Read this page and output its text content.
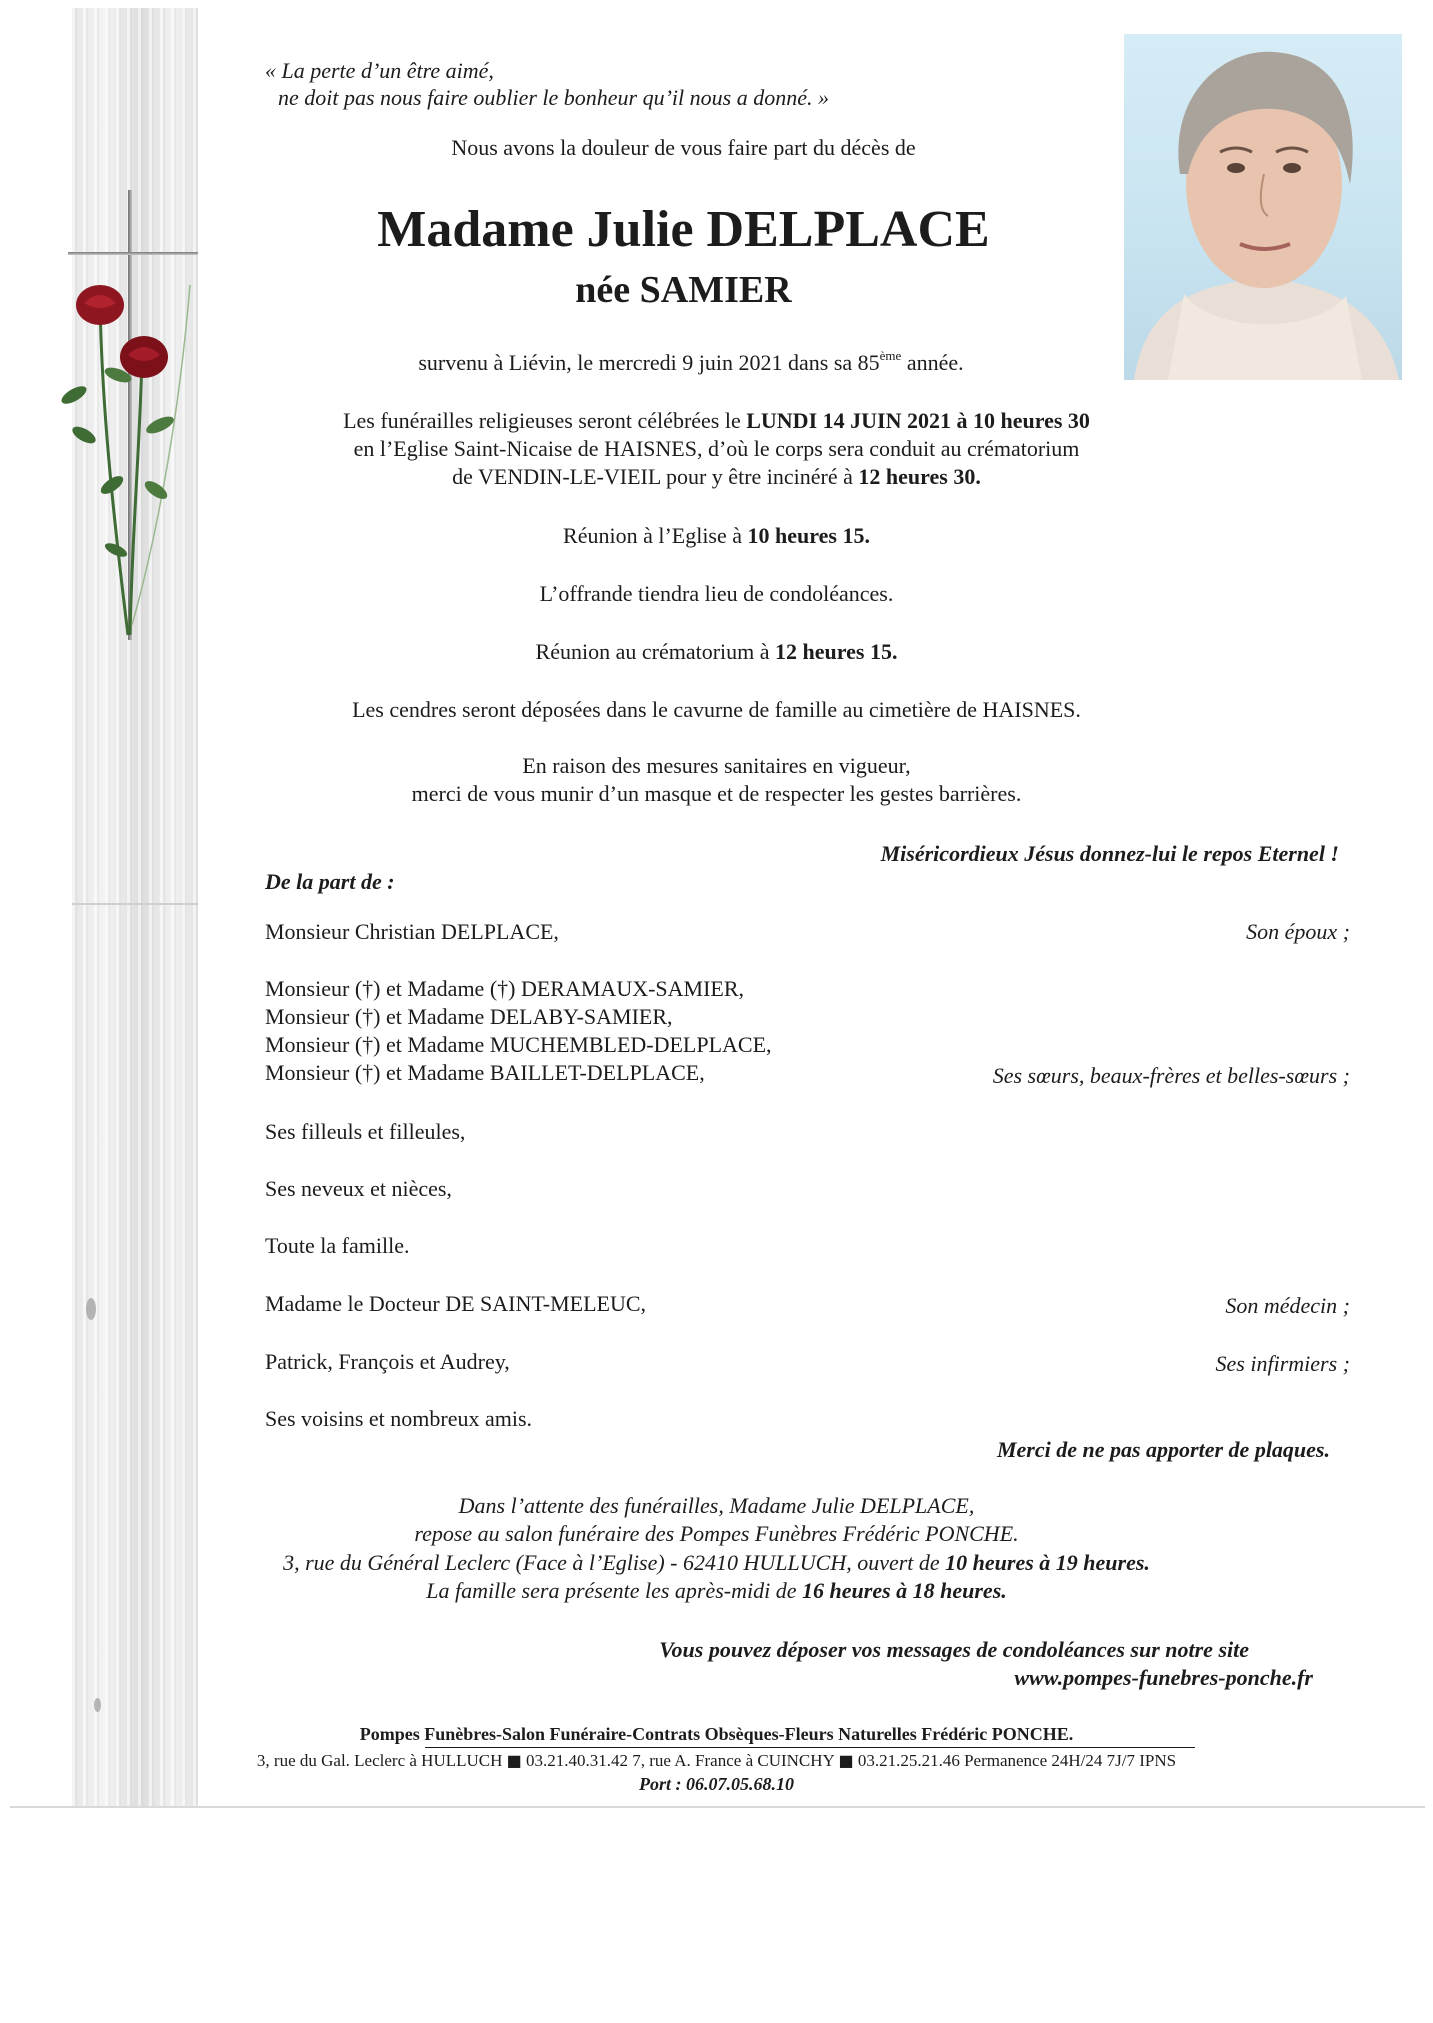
« La perte d’un être aimé,

ne doit pas nous faire oublier le bonheur qu’il nous a donné. »

Nous avons la douleur de vous faire part du décès de

Madame Julie DELPLACE

née SAMIER

survenu à Liévin, le mercredi 9 juin 2021 dans sa 85ème année.

Les funérailles religieuses seront célébrées le LUNDI 14 JUIN 2021 à 10 heures 30

en l’Eglise Saint-Nicaise de HAISNES, d’où le corps sera conduit au crématorium

de VENDIN-LE-VIEIL pour y être incinéré à 12 heures 30.

Réunion à l’Eglise à 10 heures 15.

L’offrande tiendra lieu de condoléances.

Réunion au crématorium à 12 heures 15.

Les cendres seront déposées dans le cavurne de famille au cimetière de HAISNES.

En raison des mesures sanitaires en vigueur,

merci de vous munir d’un masque et de respecter les gestes barrières.

Miséricordieux Jésus donnez-lui le repos Eternel !

De la part de :

Monsieur Christian DELPLACE,	Son époux ;

Monsieur (†) et Madame (†) DERAMAUX-SAMIER,

Monsieur (†) et Madame DELABY-SAMIER,

Monsieur (†) et Madame MUCHEMBLED-DELPLACE,

Monsieur (†) et Madame BAILLET-DELPLACE,	Ses sœurs, beaux-frères et belles-sœurs ;

Ses filleuls et filleules,

Ses neveux et nièces,

Toute la famille.

Madame le Docteur DE SAINT-MELEUC,	Son médecin ;

Patrick, François et Audrey,	Ses infirmiers ;

Ses voisins et nombreux amis.

Merci de ne pas apporter de plaques.

Dans l’attente des funérailles, Madame Julie DELPLACE,

repose au salon funéraire des Pompes Funèbres Frédéric PONCHE.

3, rue du Général Leclerc (Face à l’Eglise) - 62410 HULLUCH, ouvert de 10 heures à 19 heures.

La famille sera présente les après-midi de 16 heures à 18 heures.

Vous pouvez déposer vos messages de condoléances sur notre site

www.pompes-funebres-ponche.fr

Pompes Funèbres-Salon Funéraire-Contrats Obsèques-Fleurs Naturelles Frédéric PONCHE.

3, rue du Gal. Leclerc à HULLUCH ■ 03.21.40.31.42 7, rue A. France à CUINCHY ■ 03.21.25.21.46 Permanence 24H/24 7J/7 IPNS

Port : 06.07.05.68.10
